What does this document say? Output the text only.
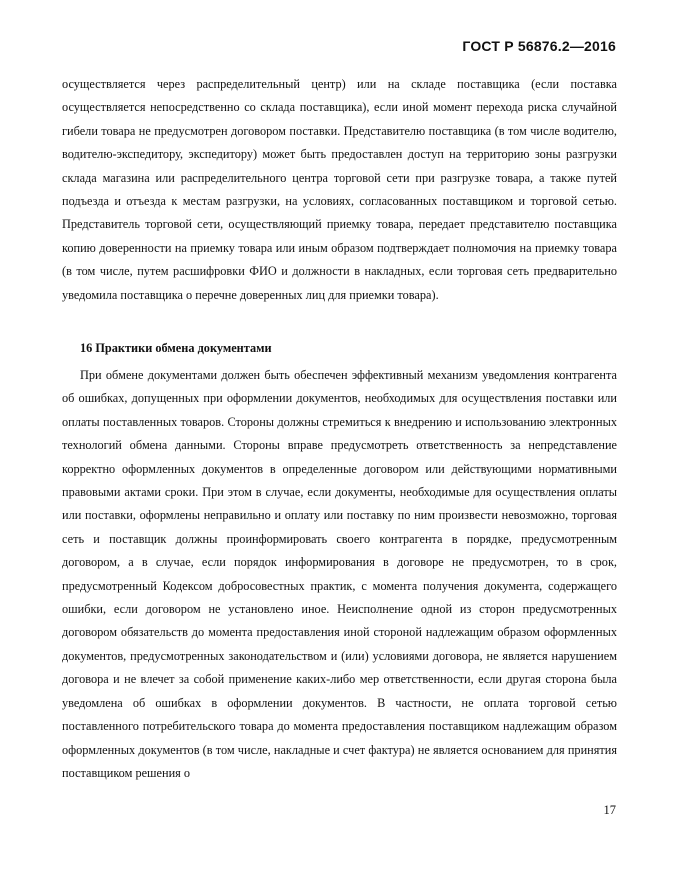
ГОСТ Р 56876.2—2016
осуществляется через распределительный центр) или на складе поставщика (если поставка осуществляется непосредственно со склада поставщика), если иной момент перехода риска случайной гибели товара не предусмотрен договором поставки. Представителю поставщика (в том числе водителю, водителю-экспедитору, экспедитору) может быть предоставлен доступ на территорию зоны разгрузки склада магазина или распределительного центра торговой сети при разгрузке товара, а также путей подъезда и отъезда к местам разгрузки, на условиях, согласованных поставщиком и торговой сетью. Представитель торговой сети, осуществляющий приемку товара, передает представителю поставщика копию доверенности на приемку товара или иным образом подтверждает полномочия на приемку товара (в том числе, путем расшифровки ФИО и должности в накладных, если торговая сеть предварительно уведомила поставщика о перечне доверенных лиц для приемки товара).
16 Практики обмена документами
При обмене документами должен быть обеспечен эффективный механизм уведомления контрагента об ошибках, допущенных при оформлении документов, необходимых для осуществления поставки или оплаты поставленных товаров. Стороны должны стремиться к внедрению и использованию электронных технологий обмена данными. Стороны вправе предусмотреть ответственность за непредставление корректно оформленных документов в определенные договором или действующими нормативными правовыми актами сроки. При этом в случае, если документы, необходимые для осуществления оплаты или поставки, оформлены неправильно и оплату или поставку по ним произвести невозможно, торговая сеть и поставщик должны проинформировать своего контрагента в порядке, предусмотренным договором, а в случае, если порядок информирования в договоре не предусмотрен, то в срок, предусмотренный Кодексом добросовестных практик, с момента получения документа, содержащего ошибки, если договором не установлено иное. Неисполнение одной из сторон предусмотренных договором обязательств до момента предоставления иной стороной надлежащим образом оформленных документов, предусмотренных законодательством и (или) условиями договора, не является нарушением договора и не влечет за собой применение каких-либо мер ответственности, если другая сторона была уведомлена об ошибках в оформлении документов. В частности, не оплата торговой сетью поставленного потребительского товара до момента предоставления поставщиком надлежащим образом оформленных документов (в том числе, накладные и счет фактура) не является основанием для принятия поставщиком решения о
17
